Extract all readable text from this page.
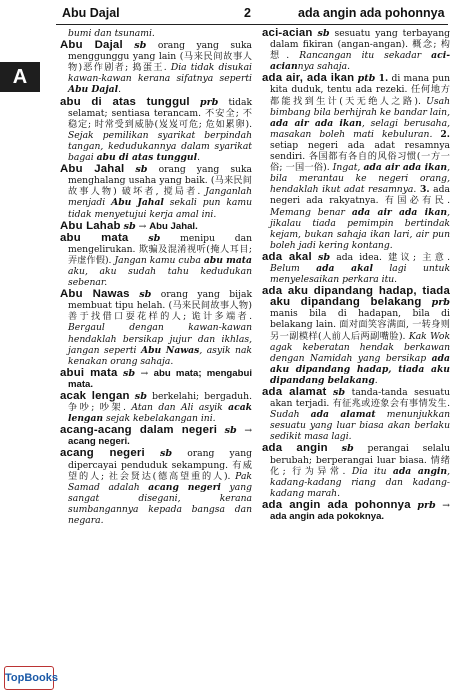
Abu Dajal	2	ada angin ada pohonnya
A

bumi dan tsunami.

Abu Dajal sb orang yang suka menggunggu yang lain (马来民间故事人物)恶作剧者; 捣蛋王. Dia tidak disukai kawan-kawan kerana sifatnya seperti Abu Dajal.

abu di atas tunggul prb tidak selamat; sentiasa terancam. 不安全; 不稳定; 时常受到威胁(岌岌可危; 危如累卵). Sejak pemilikan syarikat berpindah tangan, kedudukannya dalam syarikat bagai abu di atas tunggul.

Abu Jahal sb orang yang suka menghalang usaha yang baik. (马来民间故事人物) 破坏者, 搅局者. Janganlah menjadi Abu Jahal sekali pun kamu tidak menyetujui kerja amal ini.

Abu Lahab sb → Abu Jahal.

abu mata sb menipu dan mengelirukan. 欺骗及混淆视听(掩人耳目; 弄虚作假). Jangan kamu cuba abu mata aku, aku sudah tahu kedudukan sebenar.

Abu Nawas sb orang yang bijak membuat tipu helah. (马来民间故事人物) 善于找借口耍花样的人; 诡计多端者. Bergaul dengan kawan-kawan hendaklah bersikap jujur dan ikhlas, jangan seperti Abu Nawas, asyik nak kenakan orang sahaja.

abui mata sb → abu mata; mengabui mata.

acak lengan sb berkelahi; bergaduh. 争吵; 吵架. Atan dan Ali asyik acak lengan sejak kebelakangan ini.

acang-acang dalam negeri sb → acang negeri.

acang negeri sb orang yang dipercayai penduduk sekampung. 有威望的人; 社会贤达(德高望重的人). Pak Samad adalah acang negeri yang sangat disegani, kerana sumbangannya kepada bangsa dan negara.

aci-acian sb sesuatu yang terbayang dalam fikiran (angan-angan). 概念; 构想. Rancangan itu sekadar aci-aciannya sahaja.

ada air, ada ikan ptb 1. di mana pun kita duduk, tentu ada rezeki. 任何地方都能找到生计(天无绝人之路). Usah bimbang bila berhijrah ke bandar lain, ada air ada ikan, selagi berusaha, masakan boleh mati kebuluran. 2. setiap negeri ada adat resamnya sendiri. 各国都有各自的风俗习惯(一方一俗; 一国一俗). Ingat, ada air ada ikan, bila merantau ke negeri orang, hendaklah ikut adat resamnya. 3. ada negeri ada rakyatnya. 有国必有民. Memang benar ada air ada ikan, jikalau tiada pemimpin bertindak kejam, bukan sahaja ikan lari, air pun boleh jadi kering kontang.

ada akal sb ada idea. 建议; 主意. Belum ada akal lagi untuk menyelesaikan perkara itu.

ada aku dipandang hadap, tiada aku dipandang belakang prb manis bila di hadapan, bila di belakang lain. 面对面笑容满面, 一转身则另一副模样(人前人后两副嘴脸). Kak Wok agak keberatan hendak berkawan dengan Namidah yang bersikap ada aku dipandang hadap, tiada aku dipandang belakang.

ada alamat sb tanda-tanda sesuatu akan terjadi. 有征兆或迹象会有事情发生. Sudah ada alamat menunjukkan sesuatu yang luar biasa akan berlaku sedikit masa lagi.

ada angin sb perangai selalu berubah; berperangai luar biasa. 情绪化; 行为异常. Dia itu ada angin, kadang-kadang riang dan kadang-kadang marah.

ada angin ada pohonnya prb → ada angin ada pokoknya.

TopBooks
